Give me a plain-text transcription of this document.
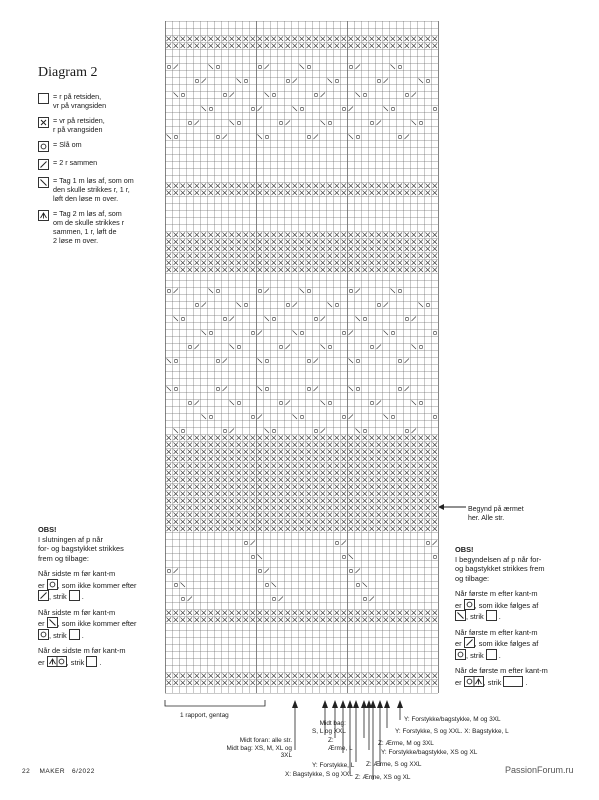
Diagram 2
= r på retsiden,
vr på vrangsiden
= vr på retsiden,
r på vrangsiden
= Slå om
= 2 r sammen
= Tag 1 m løs af, som om
den skulle strikkes r, 1 r,
løft den løse m over.
= Tag 2 m løs af, som
om de skulle strikkes r
sammen, 1 r, løft de
2 løse m over.
OBS!

I slutningen af p når
for- og bagstykket strikkes
frem og tilbage:

Når sidste m før kant-m
er , som ikke kommer efter

, strik  .

Når sidste m før kant-m
er , som ikke kommer efter

, strik  .

Når de sidste m før kant-m
er	, strik  .

OBS!

I begyndelsen af p når for-
og bagstykket strikkes frem
og tilbage:

Når første m efter kant-m
er , som ikke følges af

, strik  .

Når første m efter kant-m
er , som ikke følges af

, strik  .

Når de første m efter kant-m
er	, strik	.

Begynd på ærmet
her. Alle str.
1 rapport, gentag
Midt bag:
S, L og XXL
Midt foran: alle str.
Midt bag: XS, M, XL og 3XL
Z:
Ærme, L
Y: Forstykke, L
X: Bagstykke, S og XXL
Z: Ærme, M og 3XL
Y: Forstykke/bagstykke, XS og XL
Z: Ærme, S og XXL
Z: Ærme, XS og XL
Y: Forstykke, S og XXL. X: Bagstykke, L
Y: Forstykke/bagstykke, M og 3XL
22 MAKER 6/2022	PassionForum.ru
